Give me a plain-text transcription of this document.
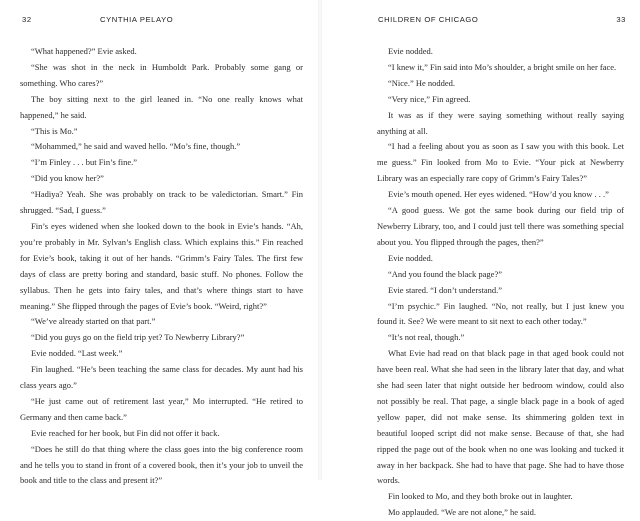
32	CYNTHIA PELAYO

“What happened?” Evie asked.

“She was shot in the neck in Humboldt Park. Probably some gang or something. Who cares?”

The boy sitting next to the girl leaned in. “No one really knows what happened,” he said.

“This is Mo.”

“Mohammed,” he said and waved hello. “Mo’s fine, though.”

“I’m Finley . . . but Fin’s fine.”

“Did you know her?”

“Hadiya? Yeah. She was probably on track to be valedictorian. Smart.” Fin shrugged. “Sad, I guess.”

Fin’s eyes widened when she looked down to the book in Evie’s hands. “Ah, you’re probably in Mr. Sylvan’s English class. Which explains this.” Fin reached for Evie’s book, taking it out of her hands. “Grimm’s Fairy Tales. The first few days of class are pretty boring and standard, basic stuff. No phones. Follow the syllabus. Then he gets into fairy tales, and that’s where things start to have meaning.” She flipped through the pages of Evie’s book. “Weird, right?”

“We’ve already started on that part.”

“Did you guys go on the field trip yet? To Newberry Library?”

Evie nodded. “Last week.”

Fin laughed. “He’s been teaching the same class for decades. My aunt had his class years ago.”

“He just came out of retirement last year,” Mo interrupted. “He retired to Germany and then came back.”

Evie reached for her book, but Fin did not offer it back.

“Does he still do that thing where the class goes into the big conference room and he tells you to stand in front of a covered book, then it’s your job to unveil the book and title to the class and present it?”

CHILDREN OF CHICAGO	33

Evie nodded.

“I knew it,” Fin said into Mo’s shoulder, a bright smile on her face.

“Nice.” He nodded.

“Very nice,” Fin agreed.

It was as if they were saying something without really saying anything at all.

“I had a feeling about you as soon as I saw you with this book. Let me guess.” Fin looked from Mo to Evie. “Your pick at Newberry Library was an especially rare copy of Grimm’s Fairy Tales?”

Evie’s mouth opened. Her eyes widened. “How’d you know . . .”

“A good guess. We got the same book during our field trip of Newberry Library, too, and I could just tell there was something special about you. You flipped through the pages, then?”

Evie nodded.

“And you found the black page?”

Evie stared. “I don’t understand.”

“I’m psychic.” Fin laughed. “No, not really, but I just knew you found it. See? We were meant to sit next to each other today.”

“It’s not real, though.”

What Evie had read on that black page in that aged book could not have been real. What she had seen in the library later that day, and what she had seen later that night outside her bedroom window, could also not possibly be real. That page, a single black page in a book of aged yellow paper, did not make sense. Its shimmering golden text in beautiful looped script did not make sense. Because of that, she had ripped the page out of the book when no one was looking and tucked it away in her backpack. She had to have that page. She had to have those words.

Fin looked to Mo, and they both broke out in laughter.

Mo applauded. “We are not alone,” he said.
